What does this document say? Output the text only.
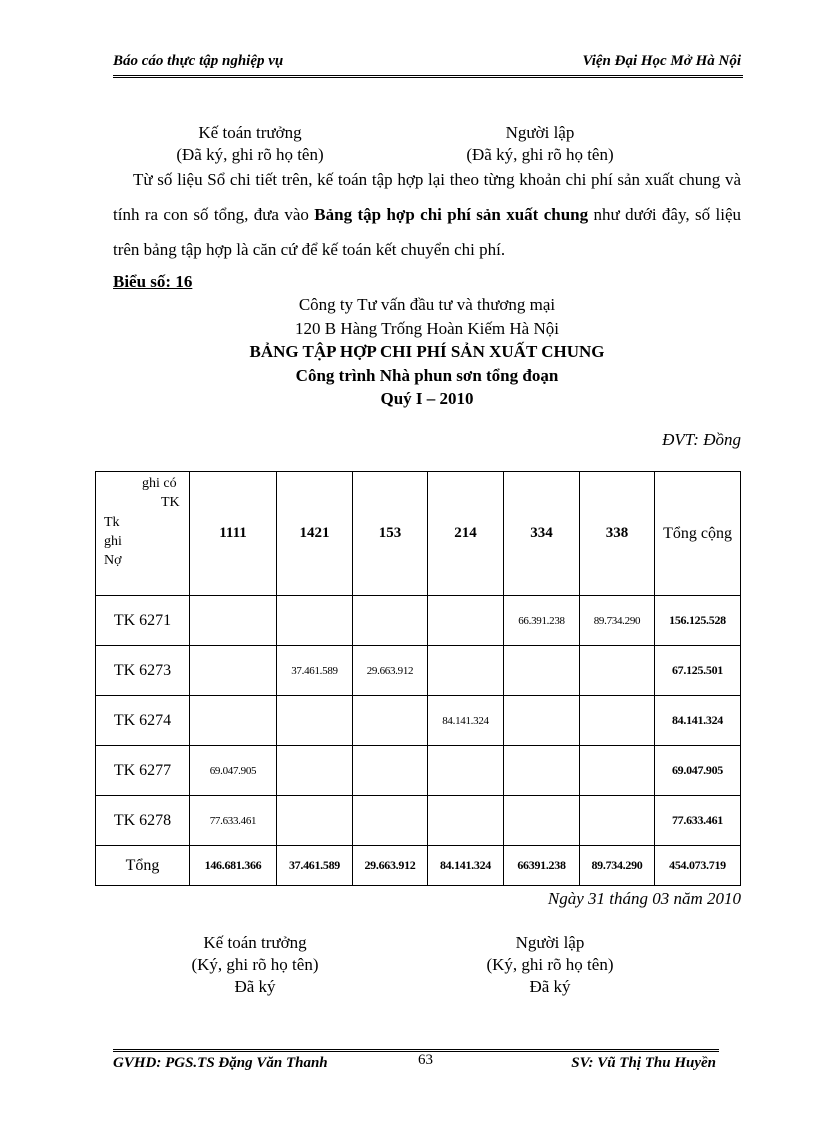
Báo cáo thực tập nghiệp vụ	Viện Đại Học Mở Hà Nội
Kế toán trưởng
(Đã ký, ghi rõ họ tên)
Người lập
(Đã ký, ghi rõ họ tên)
Từ số liệu Sổ chi tiết trên, kế toán tập hợp lại theo từng khoản chi phí sản xuất chung và tính ra con số tổng, đưa vào Bảng tập hợp chi phí sản xuất chung như dưới đây, số liệu trên bảng tập hợp là căn cứ để kế toán kết chuyển chi phí.
Biểu số: 16
Công ty Tư vấn đầu tư và thương mại
120 B Hàng Trống Hoàn Kiếm Hà Nội
BẢNG TẬP HỢP CHI PHÍ SẢN XUẤT CHUNG
Công trình Nhà phun sơn tổng đoạn
Quý I – 2010
ĐVT: Đồng
ghi có
TK
Tk
ghi
Nợ	1111	1421	153	214	334	338	Tổng cộng
TK 6271					66.391.238	89.734.290	156.125.528
TK 6273		37.461.589	29.663.912				67.125.501
TK 6274				84.141.324			84.141.324
TK 6277	69.047.905						69.047.905
TK 6278	77.633.461						77.633.461
Tổng	146.681.366	37.461.589	29.663.912	84.141.324	66391.238	89.734.290	454.073.719
Ngày 31 tháng 03 năm 2010
Kế toán trưởng
(Ký, ghi rõ họ tên)
Đã ký
Người lập
(Ký, ghi rõ họ tên)
Đã ký
GVHD: PGS.TS Đặng Văn Thanh	63	SV: Vũ Thị Thu Huyền
